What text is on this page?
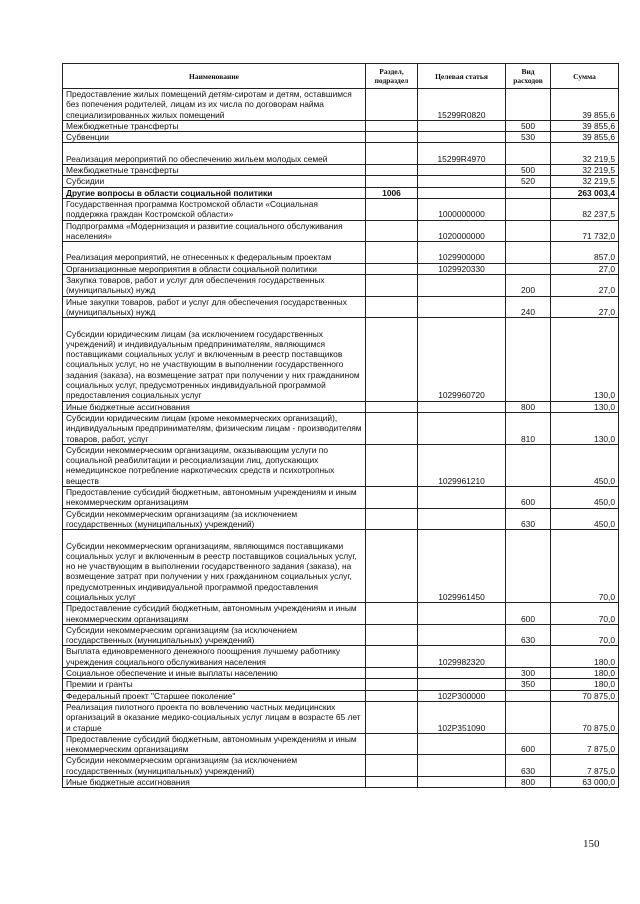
Наименование	Раздел, подраздел	Целевая статья	Вид расходов	Сумма
Предоставление жилых помещений детям-сиротам и детям, оставшимся без попечения родителей, лицам из их числа по договорам найма специализированных жилых помещений		15299R0820		39 855,6
Межбюджетные трансферты			500	39 855,6
Субвенции			530	39 855,6
Реализация мероприятий по обеспечению жильем молодых семей		15299R4970		32 219,5
Межбюджетные трансферты			500	32 219,5
Субсидии			520	32 219,5
Другие вопросы в области социальной политики	1006			263 003,4
Государственная программа Костромской области «Социальная поддержка граждан Костромской области»		1000000000		82 237,5
Подпрограмма «Модернизация и развитие социального обслуживания населения»		1020000000		71 732,0
Реализация мероприятий, не отнесенных к федеральным проектам		1029900000		857,0
Организационные мероприятия в области социальной политики		1029920330		27,0
Закупка товаров, работ и услуг для обеспечения государственных (муниципальных) нужд			200	27,0
Иные закупки товаров, работ и услуг для обеспечения государственных (муниципальных) нужд			240	27,0
Субсидии юридическим лицам (за исключением государственных учреждений) и индивидуальным предпринимателям, являющимся поставщиками социальных услуг и включенным в реестр поставщиков социальных услуг, но не участвующим в выполнении государственного задания (заказа), на возмещение затрат при получении у них гражданином социальных услуг, предусмотренных индивидуальной программой предоставления социальных услуг		1029960720		130,0
Иные бюджетные ассигнования			800	130,0
Субсидии юридическим лицам (кроме некоммерческих организаций), индивидуальным предпринимателям, физическим лицам - производителям товаров, работ, услуг			810	130,0
Субсидии некоммерческим организациям, оказывающим услуги по социальной реабилитации и ресоциализации лиц, допускающих немедицинское потребление наркотических средств и психотропных веществ		1029961210		450,0
Предоставление субсидий бюджетным, автономным учреждениям и иным некоммерческим организациям			600	450,0
Субсидии некоммерческим организациям (за исключением государственных (муниципальных) учреждений)			630	450,0
Субсидии некоммерческим организациям, являющимся поставщиками социальных услуг и включенным в реестр поставщиков социальных услуг, но не участвующим в выполнении государственного задания (заказа), на возмещение затрат при получении у них гражданином социальных услуг, предусмотренных индивидуальной программой предоставления социальных услуг		1029961450		70,0
Предоставление субсидий бюджетным, автономным учреждениям и иным некоммерческим организациям			600	70,0
Субсидии некоммерческим организациям (за исключением государственных (муниципальных) учреждений)			630	70,0
Выплата единовременного денежного поощрения лучшему работнику учреждения социального обслуживания населения		1029982320		180,0
Социальное обеспечение и иные выплаты населению			300	180,0
Премии и гранты			350	180,0
Федеральный проект "Старшее поколение"		102P300000		70 875,0
Реализация пилотного проекта по вовлечению частных медицинских организаций в оказание медико-социальных услуг лицам в возрасте 65 лет и старше		102P351090		70 875,0
Предоставление субсидий бюджетным, автономным учреждениям и иным некоммерческим организациям			600	7 875,0
Субсидии некоммерческим организациям (за исключением государственных (муниципальных) учреждений)			630	7 875,0
Иные бюджетные ассигнования			800	63 000,0
150
